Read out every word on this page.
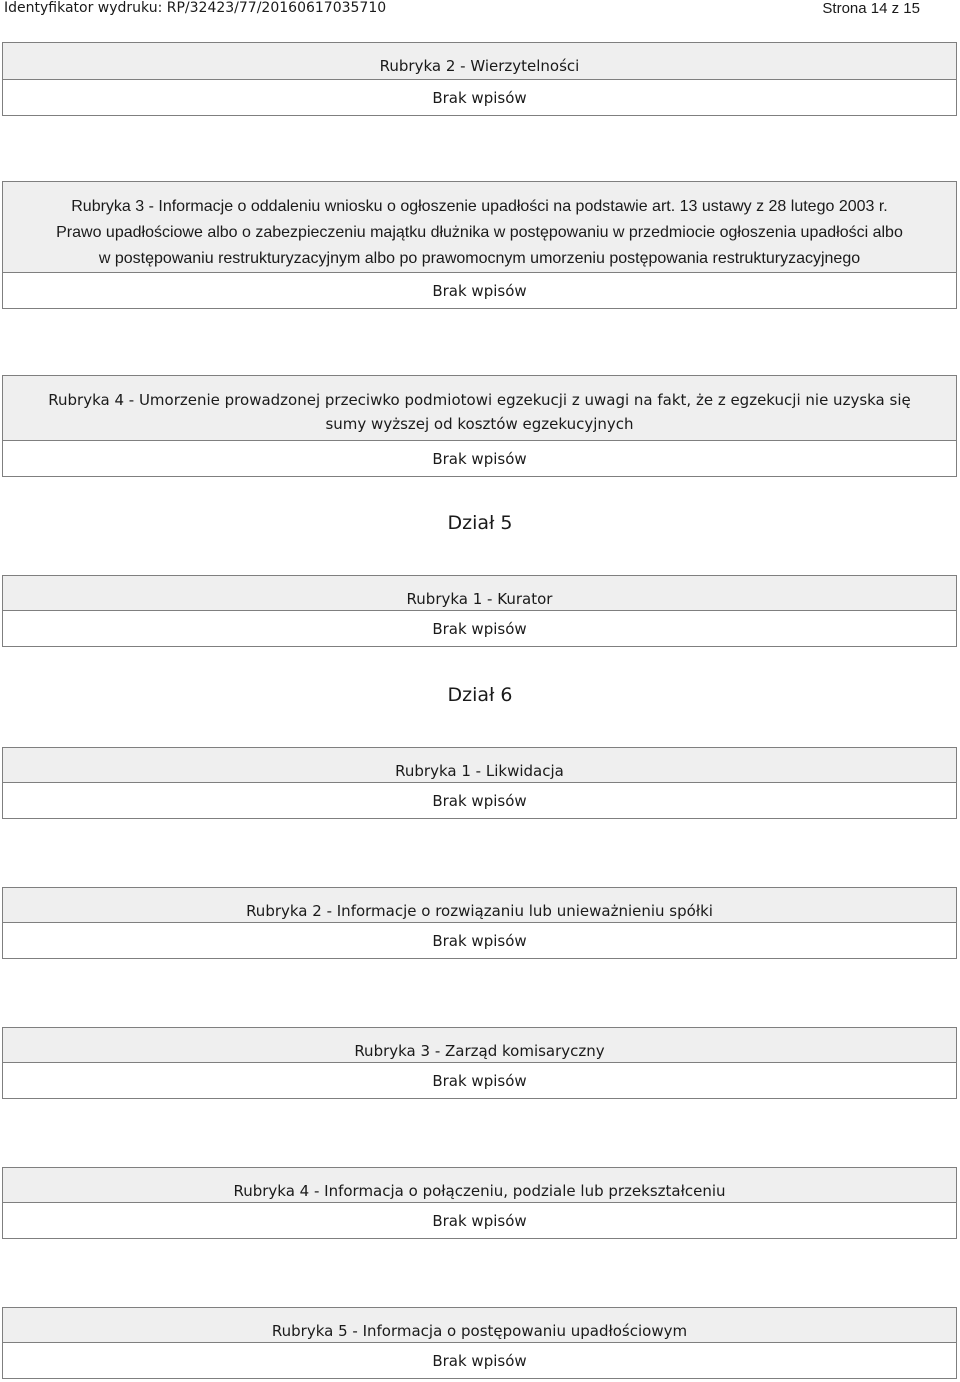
Identyfikator wydruku: RP/32423/77/20160617035710	Strona 14 z 15
Rubryka 2 - Wierzytelności
Brak wpisów
Rubryka 3 - Informacje o oddaleniu wniosku o ogłoszenie upadłości na podstawie art. 13 ustawy z 28 lutego 2003 r.
Prawo upadłościowe albo o zabezpieczeniu majątku dłużnika w postępowaniu w przedmiocie ogłoszenia upadłości albo
w postępowaniu restrukturyzacyjnym albo po prawomocnym umorzeniu postępowania restrukturyzacyjnego
Brak wpisów
Rubryka 4 - Umorzenie prowadzonej przeciwko podmiotowi egzekucji z uwagi na fakt, że z egzekucji nie uzyska się
sumy wyższej od kosztów egzekucyjnych
Brak wpisów
Dział 5
Rubryka 1 - Kurator
Brak wpisów
Dział 6
Rubryka 1 - Likwidacja
Brak wpisów
Rubryka 2 - Informacje o rozwiązaniu lub unieważnieniu spółki
Brak wpisów
Rubryka 3 - Zarząd komisaryczny
Brak wpisów
Rubryka 4 - Informacja o połączeniu, podziale lub przekształceniu
Brak wpisów
Rubryka 5 - Informacja o postępowaniu upadłościowym
Brak wpisów
